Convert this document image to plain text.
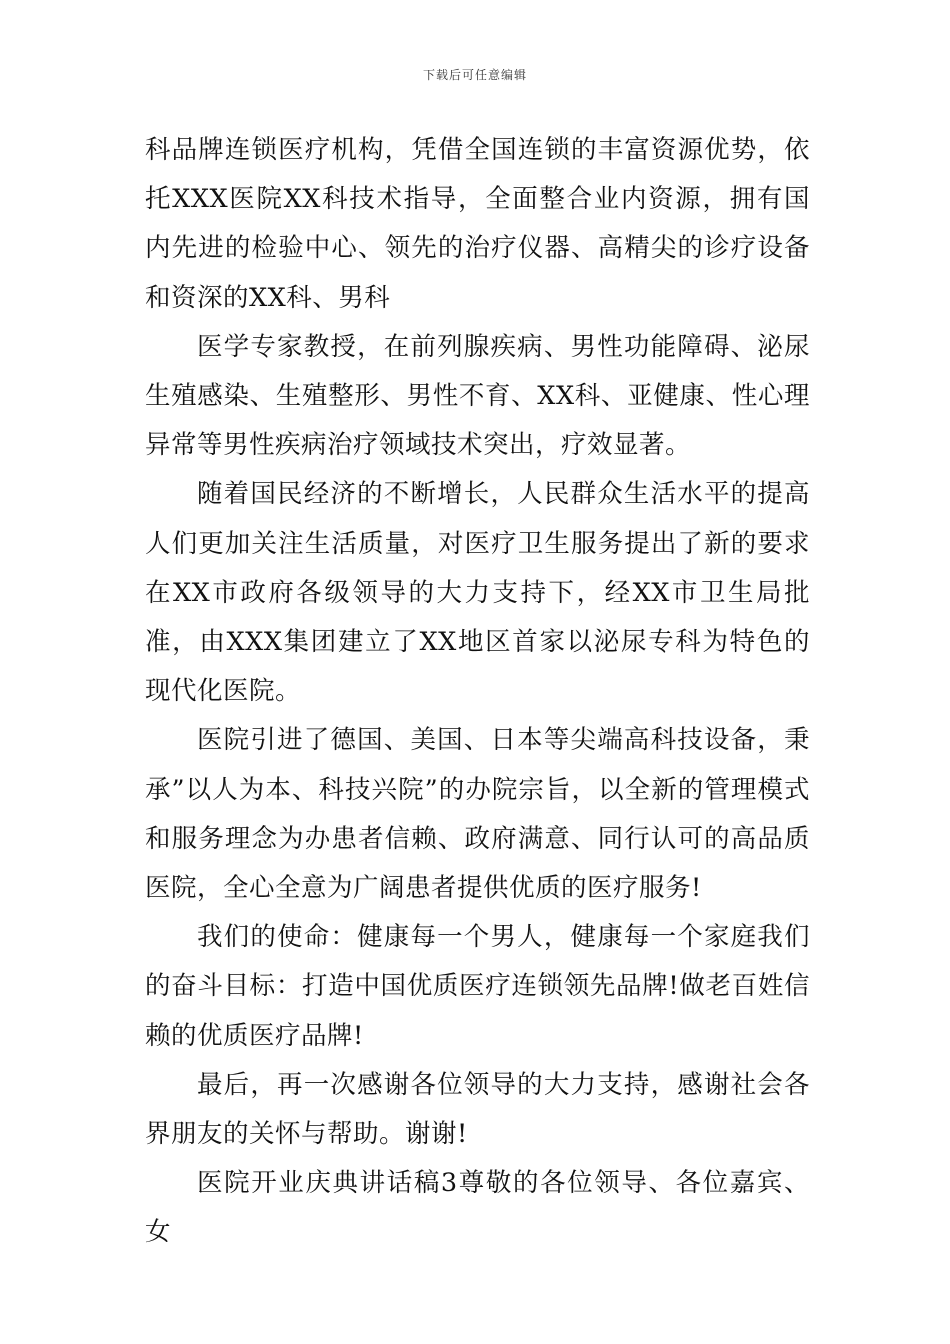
下载后可任意编辑

科品牌连锁医疗机构，凭借全国连锁的丰富资源优势，依托XXX医院XX科技术指导，全面整合业内资源，拥有国内先进的检验中心、领先的治疗仪器、高精尖的诊疗设备和资深的XX科、男科

医学专家教授，在前列腺疾病、男性功能障碍、泌尿生殖感染、生殖整形、男性不育、XX科、亚健康、性心理异常等男性疾病治疗领域技术突出，疗效显著。

随着国民经济的不断增长，人民群众生活水平的提高人们更加关注生活质量，对医疗卫生服务提出了新的要求在XX市政府各级领导的大力支持下，经XX市卫生局批准，由XXX集团建立了XX地区首家以泌尿专科为特色的现代化医院。

医院引进了德国、美国、日本等尖端高科技设备，秉承”以人为本、科技兴院”的办院宗旨，以全新的管理模式和服务理念为办患者信赖、政府满意、同行认可的高品质医院，全心全意为广阔患者提供优质的医疗服务!

我们的使命：健康每一个男人，健康每一个家庭我们的奋斗目标：打造中国优质医疗连锁领先品牌!做老百姓信赖的优质医疗品牌!

最后，再一次感谢各位领导的大力支持，感谢社会各界朋友的关怀与帮助。谢谢!

医院开业庆典讲话稿3尊敬的各位领导、各位嘉宾、女
